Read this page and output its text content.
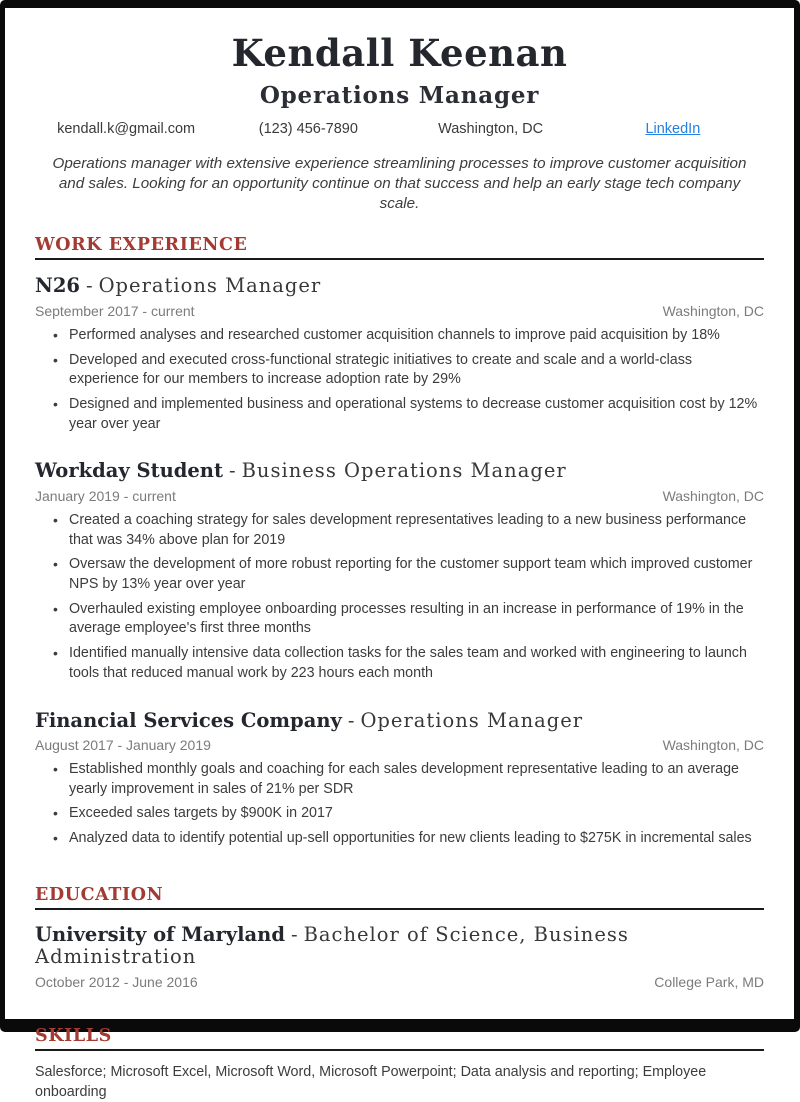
Kendall Keenan
Operations Manager
kendall.k@gmail.com	(123) 456-7890	Washington, DC	LinkedIn

Operations manager with extensive experience streamlining processes to improve customer acquisition and sales. Looking for an opportunity continue on that success and help an early stage tech company scale.

WORK EXPERIENCE
N26 - Operations Manager
September 2017 - current	Washington, DC
• Performed analyses and researched customer acquisition channels to improve paid acquisition by 18%
• Developed and executed cross-functional strategic initiatives to create and scale and a world-class experience for our members to increase adoption rate by 29%
• Designed and implemented business and operational systems to decrease customer acquisition cost by 12% year over year
Workday Student - Business Operations Manager
January 2019 - current	Washington, DC
• Created a coaching strategy for sales development representatives leading to a new business performance that was 34% above plan for 2019
• Oversaw the development of more robust reporting for the customer support team which improved customer NPS by 13% year over year
• Overhauled existing employee onboarding processes resulting in an increase in performance of 19% in the average employee's first three months
• Identified manually intensive data collection tasks for the sales team and worked with engineering to launch tools that reduced manual work by 223 hours each month
Financial Services Company - Operations Manager
August 2017 - January 2019	Washington, DC
• Established monthly goals and coaching for each sales development representative leading to an average yearly improvement in sales of 21% per SDR
• Exceeded sales targets by $900K in 2017
• Analyzed data to identify potential up-sell opportunities for new clients leading to $275K in incremental sales
EDUCATION
University of Maryland - Bachelor of Science, Business Administration
October 2012 - June 2016	College Park, MD
SKILLS

Salesforce; Microsoft Excel, Microsoft Word, Microsoft Powerpoint; Data analysis and reporting; Employee onboarding
